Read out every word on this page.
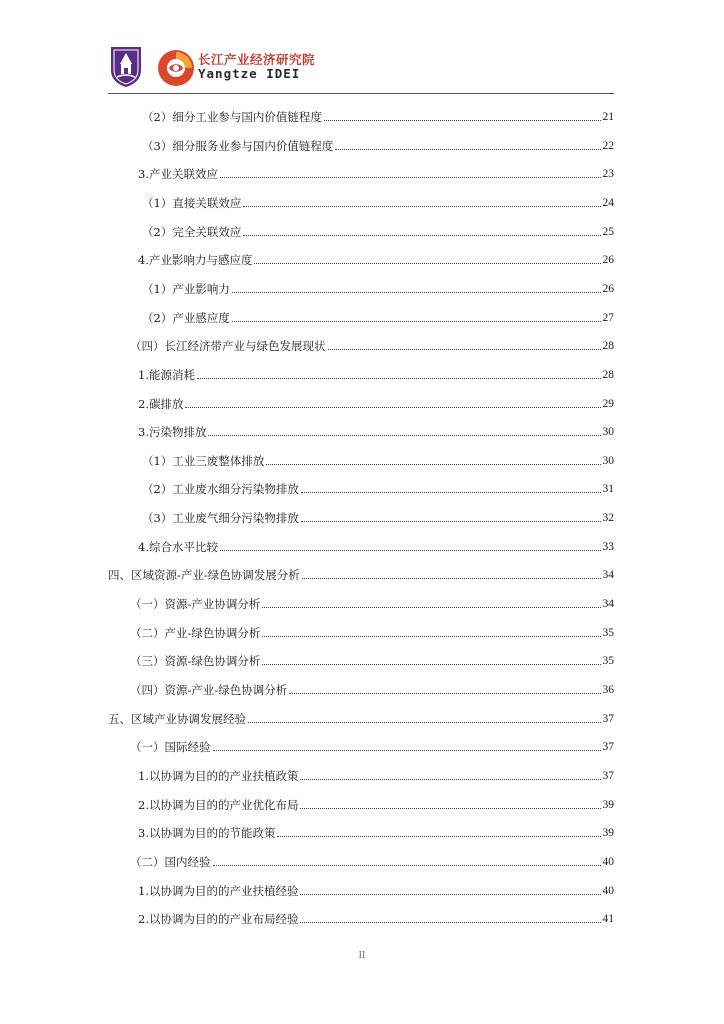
长江产业经济研究院
Yangtze IDEI
（2）细分工业参与国内价值链程度	21
（3）细分服务业参与国内价值链程度	22
3.产业关联效应	23
（1）直接关联效应	24
（2）完全关联效应	25
4.产业影响力与感应度	26
（1）产业影响力	26
（2）产业感应度	27
（四）长江经济带产业与绿色发展现状	28
1.能源消耗	28
2.碳排放	29
3.污染物排放	30
（1）工业三废整体排放	30
（2）工业废水细分污染物排放	31
（3）工业废气细分污染物排放	32
4.综合水平比较	33
四、区域资源-产业-绿色协调发展分析	34
（一）资源-产业协调分析	34
（二）产业-绿色协调分析	35
（三）资源-绿色协调分析	35
（四）资源-产业-绿色协调分析	36
五、区域产业协调发展经验	37
（一）国际经验	37
1.以协调为目的的产业扶植政策	37
2.以协调为目的的产业优化布局	39
3.以协调为目的的节能政策	39
（二）国内经验	40
1.以协调为目的的产业扶植经验	40
2.以协调为目的的产业布局经验	41
II
